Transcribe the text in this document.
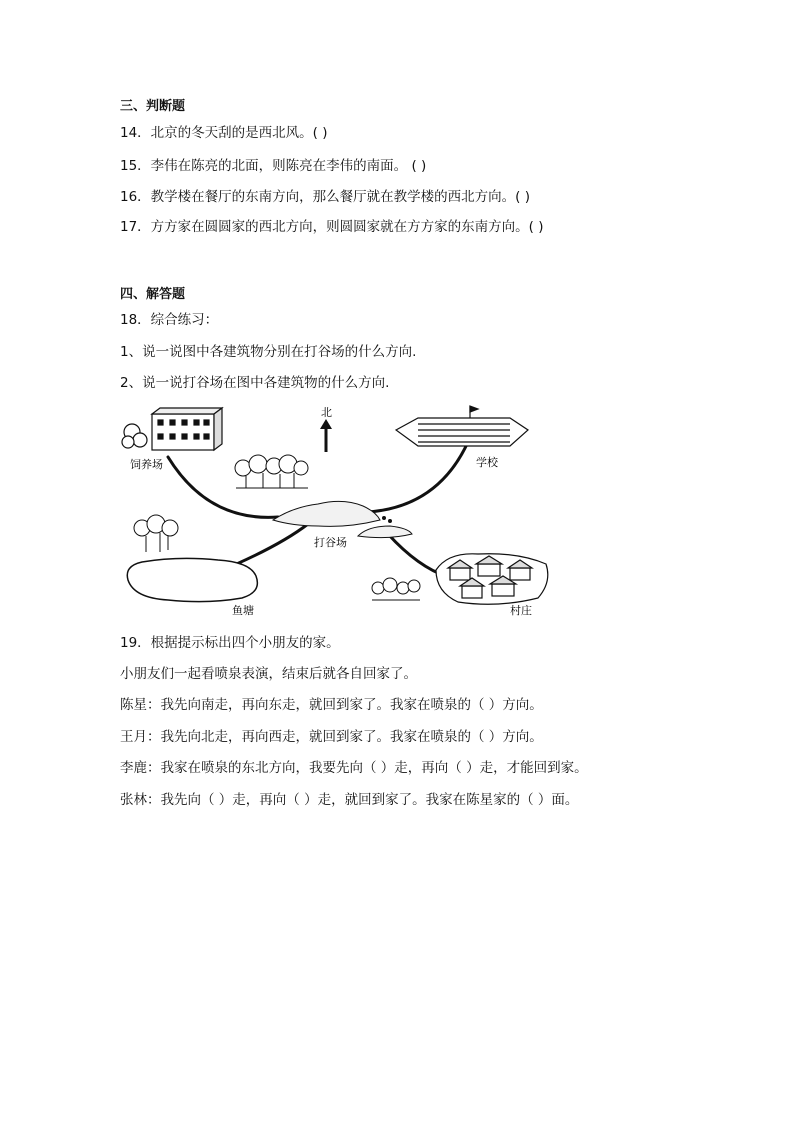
三、判断题
14．北京的冬天刮的是西北风。( )
15．李伟在陈亮的北面，则陈亮在李伟的南面。 ( )
16．教学楼在餐厅的东南方向，那么餐厅就在教学楼的西北方向。( )
17．方方家在圆圆家的西北方向，则圆圆家就在方方家的东南方向。( )
四、解答题
18．综合练习：
1、说一说图中各建筑物分别在打谷场的什么方向.
2、说一说打谷场在图中各建筑物的什么方向.
北
饲养场	学校
打谷场
鱼塘	村庄
19．根据提示标出四个小朋友的家。
小朋友们一起看喷泉表演，结束后就各自回家了。
陈星：我先向南走，再向东走，就回到家了。我家在喷泉的（ ）方向。
王月：我先向北走，再向西走，就回到家了。我家在喷泉的（ ）方向。
李鹿：我家在喷泉的东北方向，我要先向（ ）走，再向（ ）走，才能回到家。
张林：我先向（ ）走，再向（ ）走，就回到家了。我家在陈星家的（ ）面。
